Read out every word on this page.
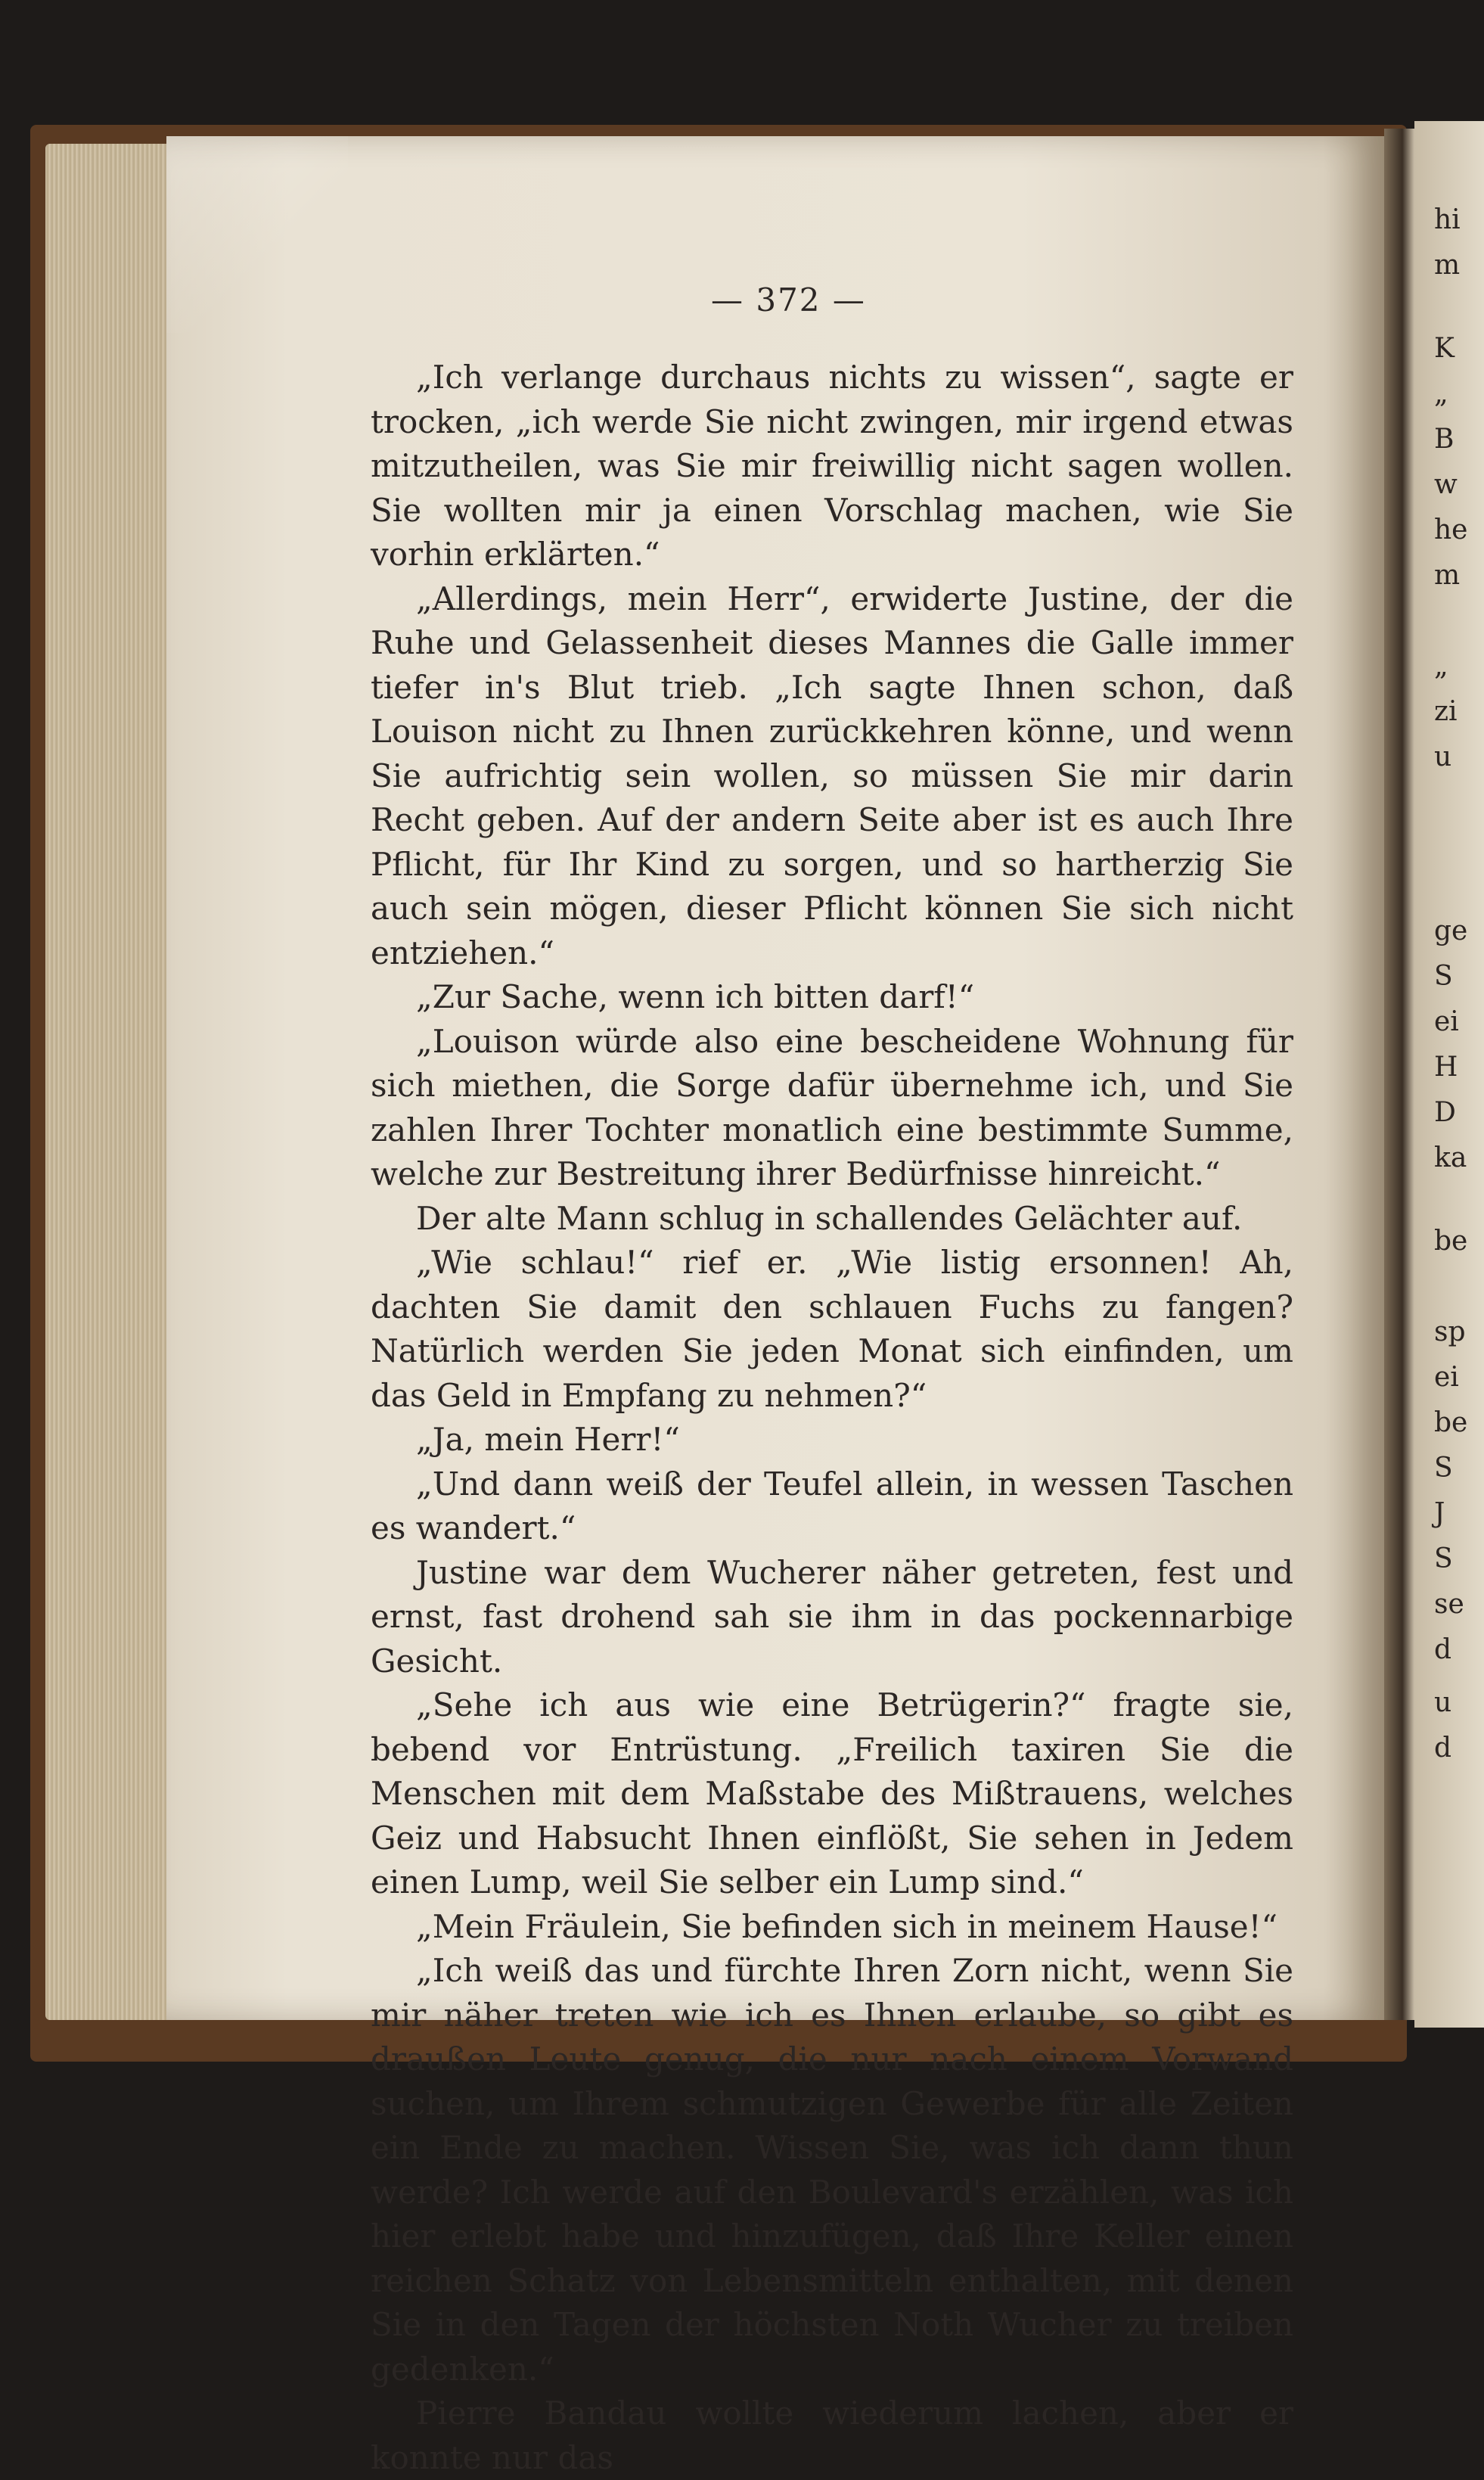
hi
m
K
„
B
w
he
m
„
zi
u
ge
S
ei
H
D
ka
be
sp
ei
be
S
J
S
se
d
u
d
— 372 —

„Ich verlange durchaus nichts zu wissen“, sagte er trocken, „ich werde Sie nicht zwingen, mir irgend etwas mitzutheilen, was Sie mir freiwillig nicht sagen wollen. Sie wollten mir ja einen Vorschlag machen, wie Sie vorhin erklärten.“

„Allerdings, mein Herr“, erwiderte Justine, der die Ruhe und Gelassenheit dieses Mannes die Galle immer tiefer in's Blut trieb. „Ich sagte Ihnen schon, daß Louison nicht zu Ihnen zurückkehren könne, und wenn Sie aufrichtig sein wollen, so müssen Sie mir darin Recht geben. Auf der andern Seite aber ist es auch Ihre Pflicht, für Ihr Kind zu sorgen, und so hartherzig Sie auch sein mögen, dieser Pflicht können Sie sich nicht entziehen.“

„Zur Sache, wenn ich bitten darf!“

„Louison würde also eine bescheidene Wohnung für sich miethen, die Sorge dafür übernehme ich, und Sie zahlen Ihrer Tochter monatlich eine bestimmte Summe, welche zur Bestreitung ihrer Bedürfnisse hinreicht.“

Der alte Mann schlug in schallendes Gelächter auf.

„Wie schlau!“ rief er. „Wie listig ersonnen! Ah, dachten Sie damit den schlauen Fuchs zu fangen? Natürlich werden Sie jeden Monat sich einfinden, um das Geld in Empfang zu nehmen?“

„Ja, mein Herr!“

„Und dann weiß der Teufel allein, in wessen Taschen es wandert.“

Justine war dem Wucherer näher getreten, fest und ernst, fast drohend sah sie ihm in das pockennarbige Gesicht.

„Sehe ich aus wie eine Betrügerin?“ fragte sie, bebend vor Entrüstung. „Freilich taxiren Sie die Menschen mit dem Maßstabe des Mißtrauens, welches Geiz und Habsucht Ihnen einflößt, Sie sehen in Jedem einen Lump, weil Sie selber ein Lump sind.“

„Mein Fräulein, Sie befinden sich in meinem Hause!“

„Ich weiß das und fürchte Ihren Zorn nicht, wenn Sie mir näher treten wie ich es Ihnen erlaube, so gibt es draußen Leute genug, die nur nach einem Vorwand suchen, um Ihrem schmutzigen Gewerbe für alle Zeiten ein Ende zu machen. Wissen Sie, was ich dann thun werde? Ich werde auf den Boulevard's erzählen, was ich hier erlebt habe und hinzufügen, daß Ihre Keller einen reichen Schatz von Lebensmitteln enthalten, mit denen Sie in den Tagen der höchsten Noth Wucher zu treiben gedenken.“

Pierre Bandau wollte wiederum lachen, aber er konnte nur das
